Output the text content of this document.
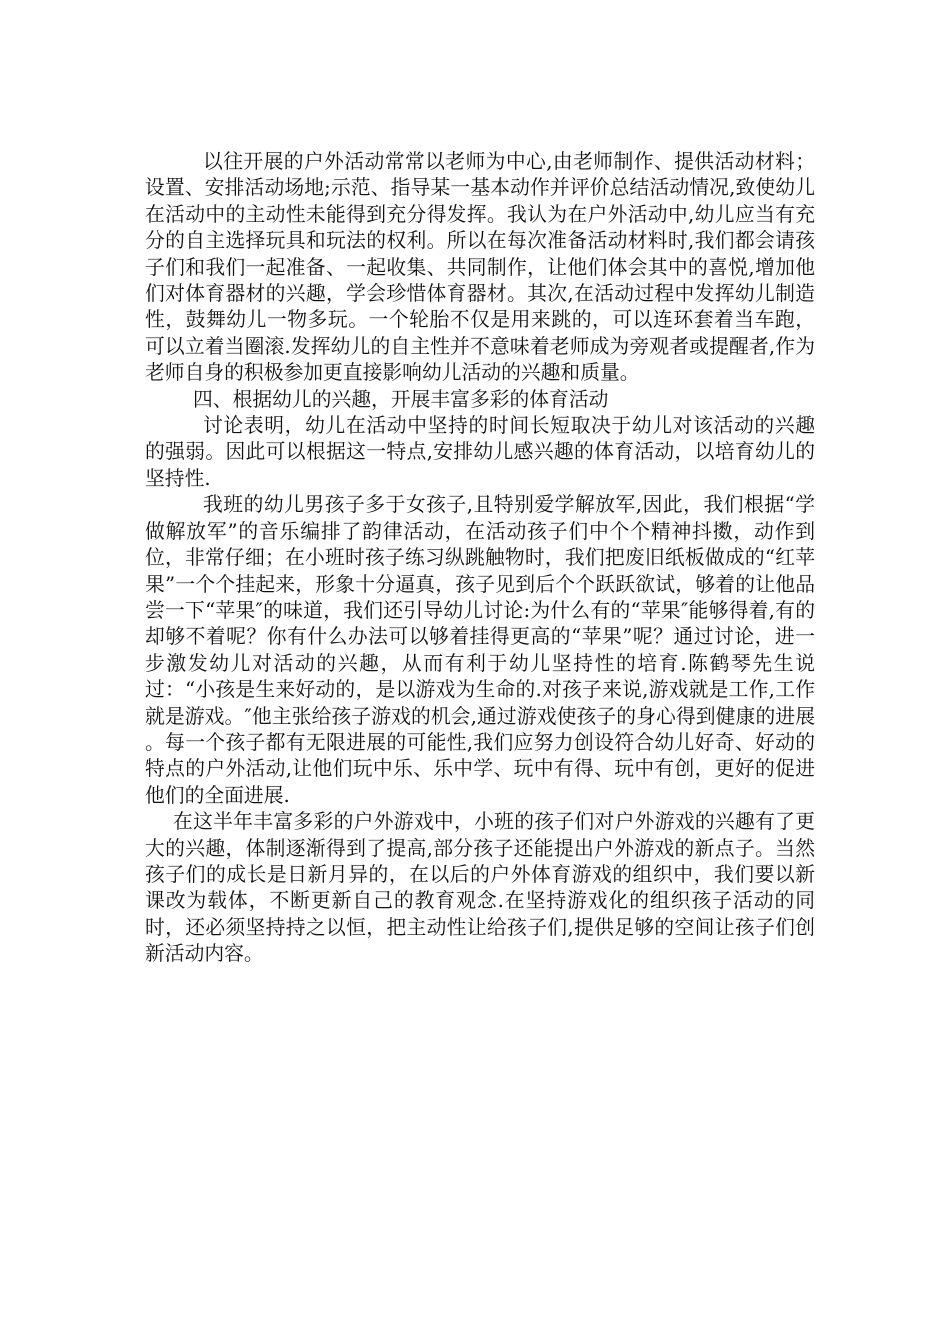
以往开展的户外活动常常以老师为中心,由老师制作、提供活动材料；设置、安排活动场地;示范、指导某一基本动作并评价总结活动情况,致使幼儿在活动中的主动性未能得到充分得发挥。我认为在户外活动中,幼儿应当有充分的自主选择玩具和玩法的权利。所以在每次准备活动材料时,我们都会请孩子们和我们一起准备、一起收集、共同制作，让他们体会其中的喜悦,增加他们对体育器材的兴趣，学会珍惜体育器材。其次,在活动过程中发挥幼儿制造性，鼓舞幼儿一物多玩。一个轮胎不仅是用来跳的，可以连环套着当车跑，可以立着当圈滚.发挥幼儿的自主性并不意味着老师成为旁观者或提醒者,作为老师自身的积极参加更直接影响幼儿活动的兴趣和质量。

四、根据幼儿的兴趣，开展丰富多彩的体育活动

讨论表明，幼儿在活动中坚持的时间长短取决于幼儿对该活动的兴趣的强弱。因此可以根据这一特点,安排幼儿感兴趣的体育活动，以培育幼儿的坚持性.

我班的幼儿男孩子多于女孩子,且特别爱学解放军,因此，我们根据“学做解放军”的音乐编排了韵律活动，在活动孩子们中个个精神抖擞，动作到位，非常仔细；在小班时孩子练习纵跳触物时，我们把废旧纸板做成的“红苹果”一个个挂起来，形象十分逼真，孩子见到后个个跃跃欲试，够着的让他品尝一下“苹果″的味道，我们还引导幼儿讨论:为什么有的“苹果″能够得着,有的却够不着呢？你有什么办法可以够着挂得更高的“苹果”呢？通过讨论，进一步激发幼儿对活动的兴趣，从而有利于幼儿坚持性的培育.陈鹤琴先生说过：“小孩是生来好动的，是以游戏为生命的.对孩子来说,游戏就是工作,工作就是游戏。″他主张给孩子游戏的机会,通过游戏使孩子的身心得到健康的进展 。每一个孩子都有无限进展的可能性,我们应努力创设符合幼儿好奇、好动的特点的户外活动,让他们玩中乐、乐中学、玩中有得、玩中有创，更好的促进他们的全面进展.

在这半年丰富多彩的户外游戏中，小班的孩子们对户外游戏的兴趣有了更大的兴趣，体制逐渐得到了提高,部分孩子还能提出户外游戏的新点子。当然孩子们的成长是日新月异的，在以后的户外体育游戏的组织中，我们要以新课改为载体，不断更新自己的教育观念.在坚持游戏化的组织孩子活动的同时，还必须坚持持之以恒，把主动性让给孩子们,提供足够的空间让孩子们创新活动内容。
